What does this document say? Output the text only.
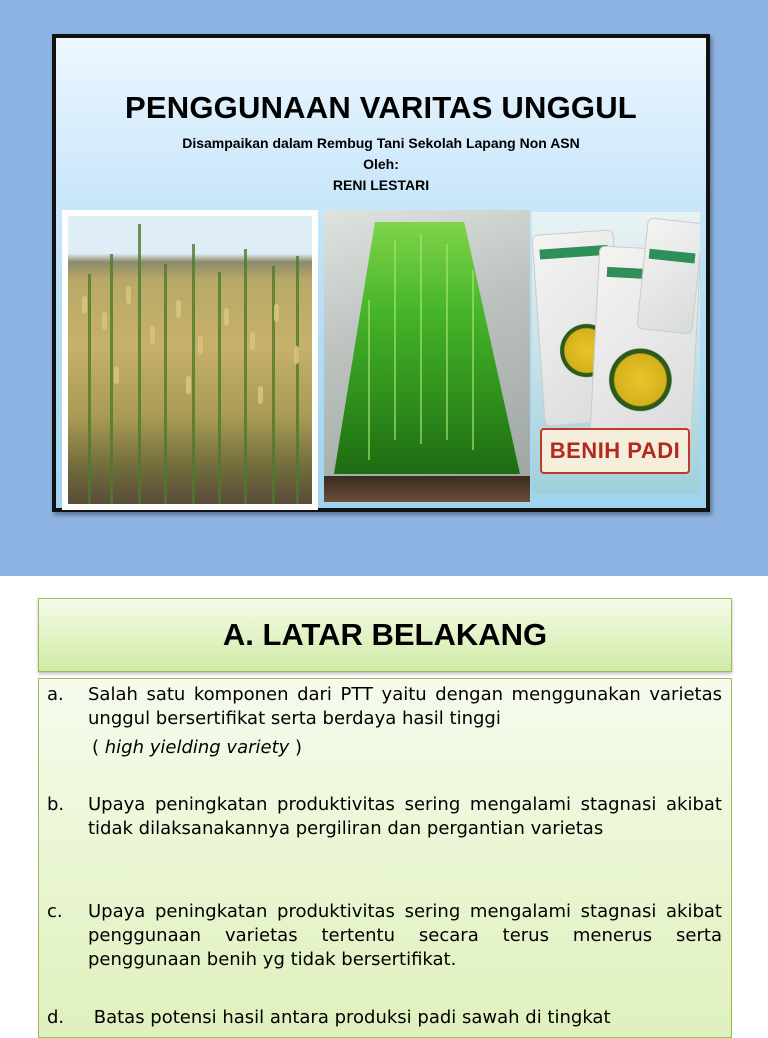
PENGGUNAAN VARITAS UNGGUL
Disampaikan dalam Rembug Tani Sekolah Lapang Non ASN
Oleh:
RENI LESTARI
BENIH PADI
A. LATAR BELAKANG
a. Salah satu komponen dari PTT yaitu dengan menggunakan varietas unggul bersertifikat serta berdaya hasil tinggi
( high yielding variety )
b. Upaya peningkatan produktivitas sering mengalami stagnasi akibat tidak dilaksanakannya pergiliran dan pergantian varietas
c. Upaya peningkatan produktivitas sering mengalami stagnasi akibat penggunaan varietas tertentu secara terus menerus serta penggunaan benih yg tidak bersertifikat.
d. Batas potensi hasil antara produksi padi sawah di tingkat
